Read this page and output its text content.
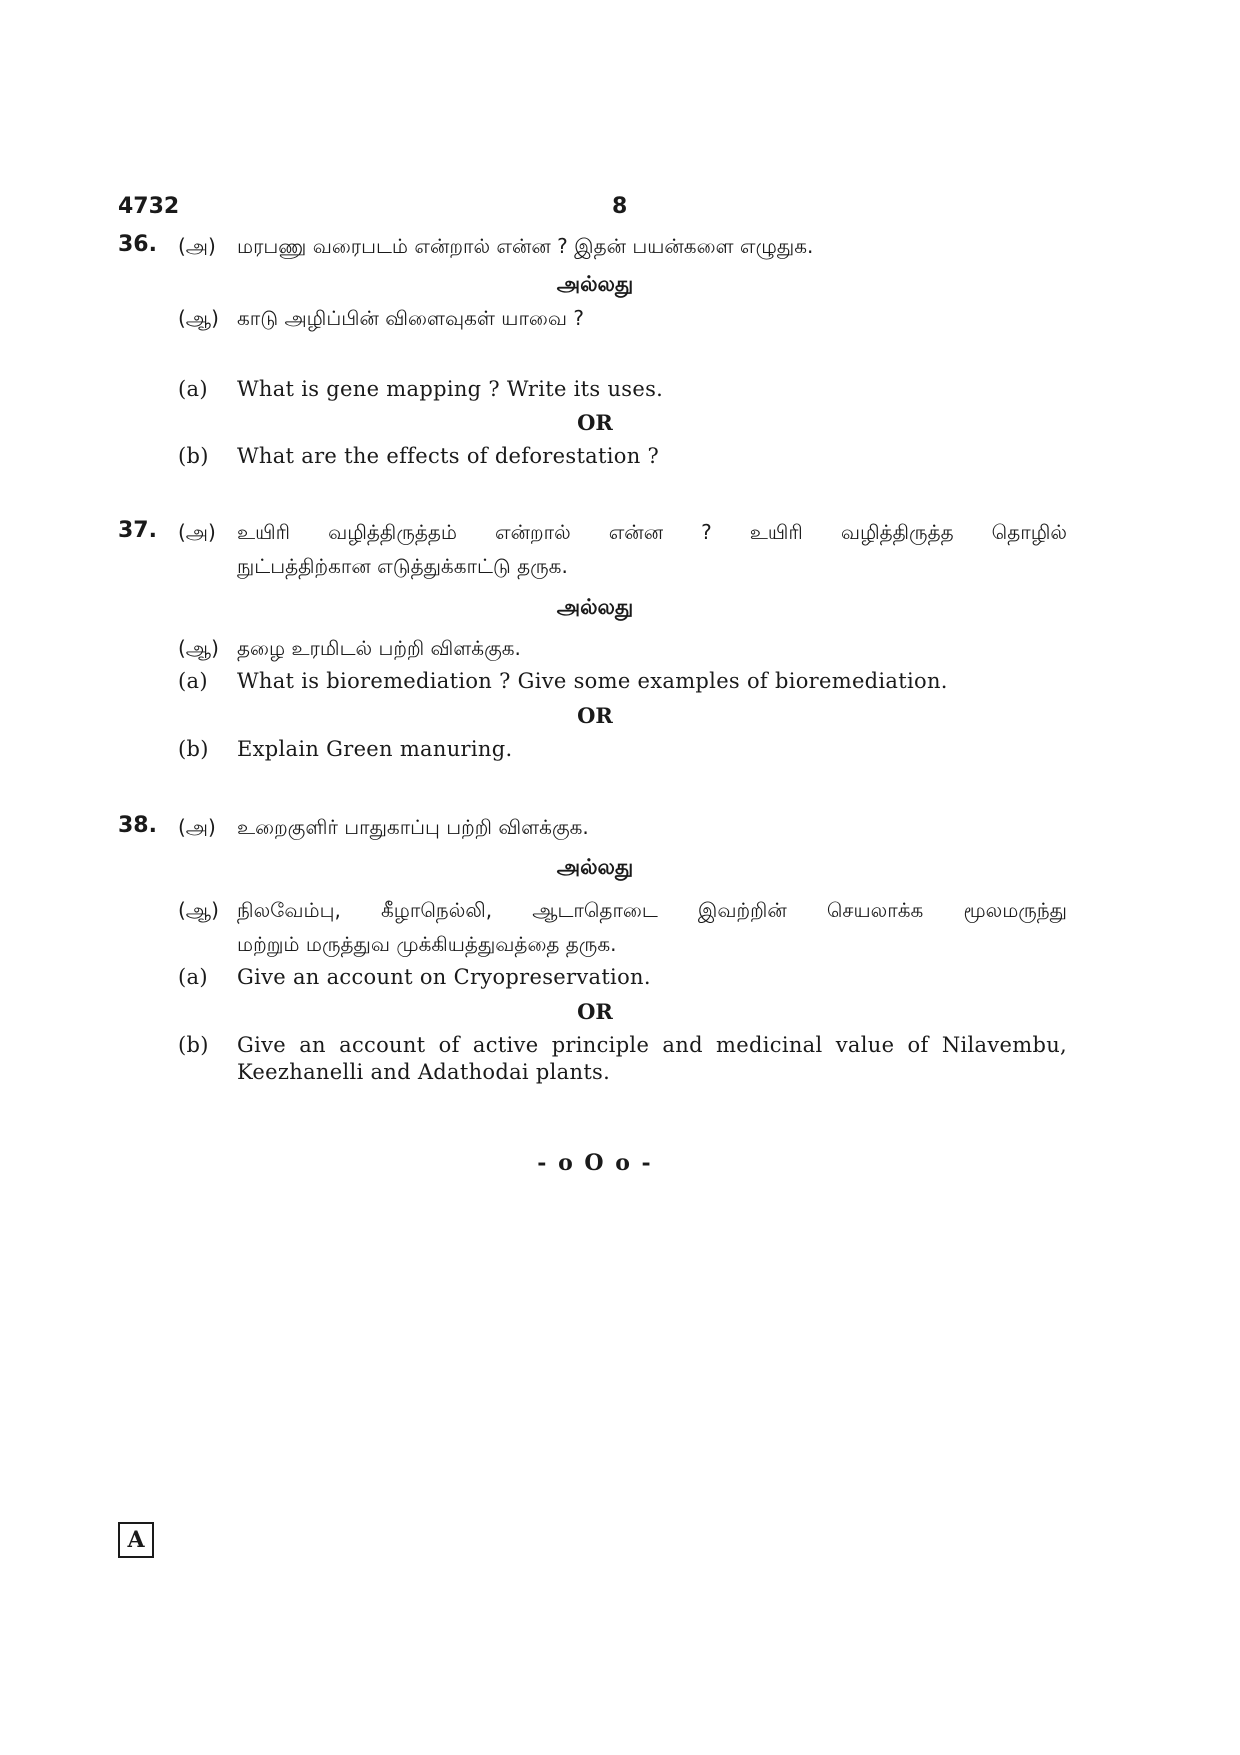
4732	8
36. (அ) மரபணு வரைபடம் என்றால் என்ன ? இதன் பயன்களை எழுதுக.
அல்லது
(ஆ) காடு அழிப்பின் விளைவுகள் யாவை ?
(a) What is gene mapping ? Write its uses.
OR
(b) What are the effects of deforestation ?
37. (அ) உயிரி வழித்திருத்தம் என்றால் என்ன ? உயிரி வழித்திருத்த தொழில்
நுட்பத்திற்கான எடுத்துக்காட்டு தருக.
அல்லது
(ஆ) தழை உரமிடல் பற்றி விளக்குக.
(a) What is bioremediation ? Give some examples of bioremediation.
OR
(b) Explain Green manuring.
38. (அ) உறைகுளிர் பாதுகாப்பு பற்றி விளக்குக.
அல்லது
(ஆ) நிலவேம்பு, கீழாநெல்லி, ஆடாதொடை இவற்றின் செயலாக்க மூலமருந்து
மற்றும் மருத்துவ முக்கியத்துவத்தை தருக.
(a) Give an account on Cryopreservation.
OR
(b) Give an account of active principle and medicinal value of Nilavembu,
Keezhanelli and Adathodai plants.
- o O o -
A
